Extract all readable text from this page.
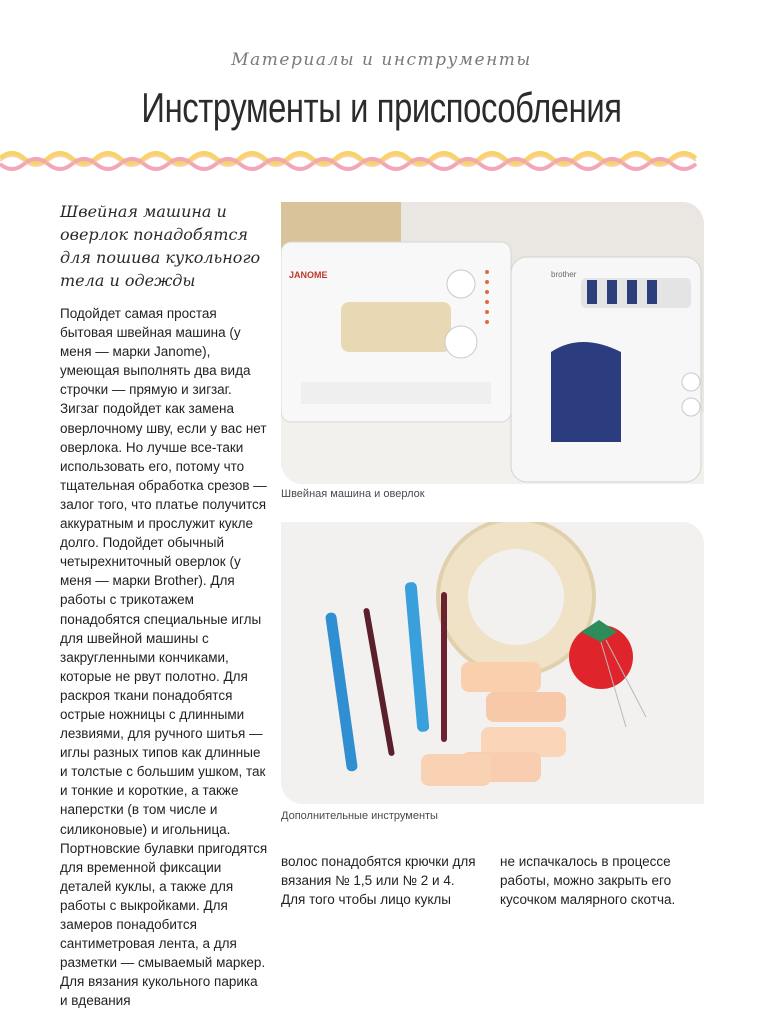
Материалы и инструменты
Инструменты и приспособления

Швейная машина и оверлок понадобятся для пошива кукольного тела и одежды

Подойдет самая простая бытовая швейная машина (у меня — марки Janome), умеющая выполнять два вида строчки — прямую и зигзаг. Зигзаг подойдет как замена оверлочному шву, если у вас нет оверлока. Но лучше все-таки использовать его, потому что тщательная обработка срезов — залог того, что платье получится аккуратным и прослужит кукле долго. Подойдет обычный четырехниточный оверлок (у меня — марки Brother). Для работы с трикотажем понадобятся специальные иглы для швейной машины с закругленными кончиками, которые не рвут полотно. Для раскроя ткани понадобятся острые ножницы с длинными лезвиями, для ручного шитья — иглы разных типов как длинные и толстые с большим ушком, так и тонкие и короткие, а также наперстки (в том числе и силиконовые) и игольница. Портновские булавки пригодятся для временной фиксации деталей куклы, а также для работы с выкройками. Для замеров понадобится сантиметровая лента, а для разметки — смываемый маркер. Для вязания кукольного парика и вдевания

JANOME	brother
Швейная машина и оверлок
Дополнительные инструменты

волос понадобятся крючки для вязания № 1,5 или № 2 и 4. Для того чтобы лицо куклы

не испачкалось в процессе работы, можно закрыть его кусочком малярного скотча.
